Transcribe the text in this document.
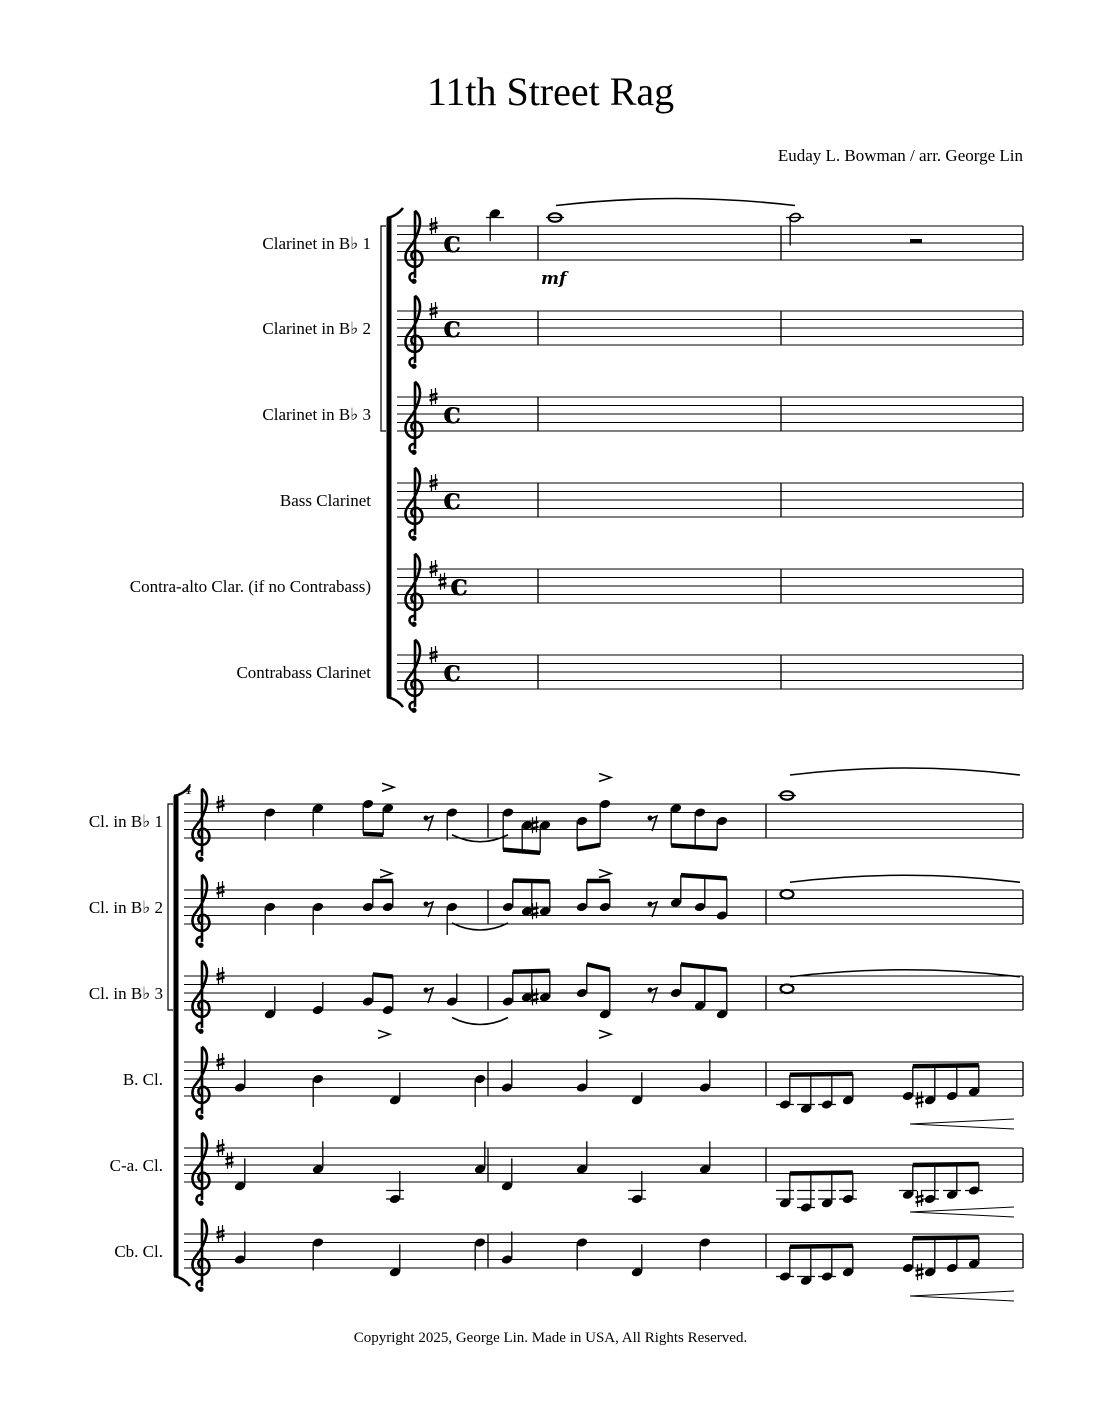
11th Street Rag
Euday L. Bowman / arr. George Lin
Clarinet in B♭ 1 c
mf
Clarinet in B♭ 2 c
Clarinet in B♭ 3 c
Bass Clarinet c
Contra-alto Clar. (if no Contrabass)	c
Contrabass Clarinet c
Cl. in B♭ 1
Cl. in B♭ 2
Cl. in B♭ 3
B. Cl.
C-a. Cl.
Cb. Cl.
4
Copyright 2025, George Lin. Made in USA, All Rights Reserved.
